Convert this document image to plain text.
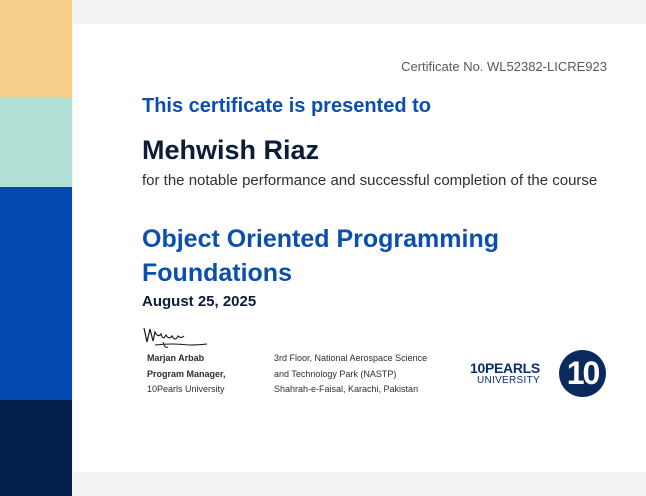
Certificate No. WL52382-LICRE923
This certificate is presented to
Mehwish Riaz
for the notable performance and successful completion of the course
Object Oriented Programming Foundations
August 25, 2025
Marjan Arbab
Program Manager,
10Pearls University
3rd Floor, National Aerospace Science
and Technology Park (NASTP)
Shahrah-e-Faisal, Karachi, Pakistan
10PEARLS
UNIVERSITY 10
